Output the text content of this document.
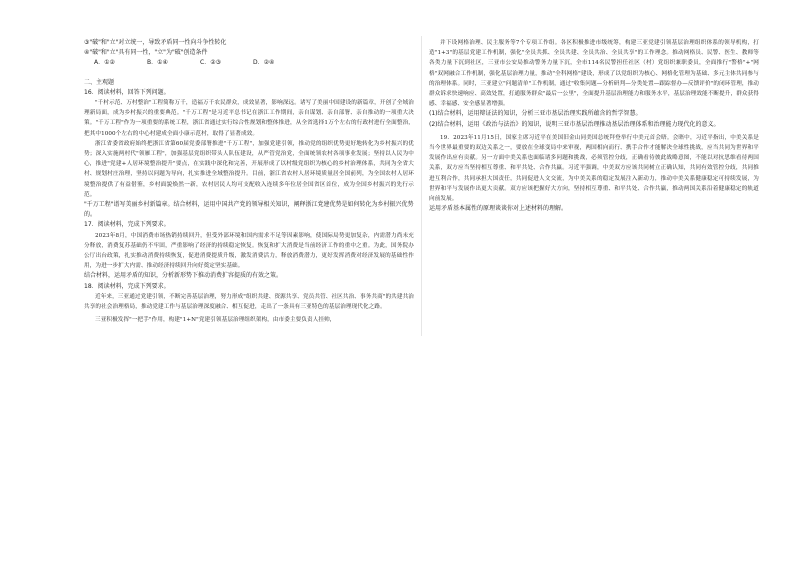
③"破"和"立"对立统一，导致矛盾同一性向斗争性转化

④"破"和"立"具有同一性，"立"为"破"创造条件

A．①②	B．①④	C．②③	D．②④

二、主观题

16．阅读材料，回答下列问题。

"千村示范、万村整治"工程简称万千，造福万千农民群众，成效显著，影响深远。诸写了美丽中国建设的新篇章，开创了全域治理新局面，成为乡村振兴的重要典范。"千万工程"是习近平总书记在浙江工作期间，亲自谋划、亲自部署、亲自推动的一项重大决策。"千万工程"作为一项重要的系统工程，浙江省通过实行综合性规划和整体推进，从全省选择1万个左右的行政村进行全面整治，把其中1000个左右的中心村建成全面小康示范村，取得了显著成效。

浙江省委省政府始终把浙江省第60届党委部署推进"千万工程"，加强党建引领，推动党的组织优势更好地转化为乡村振兴的优势；深入实施两村代"领雁工程"，加强基层党组织带头人队伍建设，从严管党治党，全面统领农村各项事业发展；坚持以人民为中心，推进"党建+人居环境整治提升"要点，在实践中深化和完善，开展形成了以村级党组织为核心的乡村治理体系，共同为全省大村、规划村庄治理，坚持以问题为导向，扎实推进全域整治提升。目前，浙江省农村人居环境质量居全国前列，为全国农村人居环境整治提供了有益借鉴，乡村面貌焕然一新，农村居民人均可支配收入连续多年位居全国省区首位，成为全国乡村振兴的先行示范。

"千万工程"谱写美丽乡村新篇章。结合材料，运用中国共产党的领导相关知识，阐释浙江党建优势是如何转化为乡村振兴优势的。

17．阅读材料，完成下列要求。

2023年8月，中国消费市场热销持续回升，但受外部环境和国内需求不足等因素影响，使国际局势更加复杂，内需潜力尚未充分释放，消费复苏基础仍不牢固，严重影响了经济的持续稳定恢复。恢复和扩大消费是当前经济工作的重中之重。为此，国务院办公厅出台政策，扎实推动消费持续恢复，促进消费提质升级，激发消费活力，释放消费潜力，更好发挥消费对经济发展的基础性作用，为进一步扩大内需、推动经济持续回升向好奠定坚实基础。

结合材料，运用矛盾的知识，分析新形势下推动消费扩容提质的有效之策。

18．阅读材料，完成下列要求。

近年来，三亚通过党建引领，不断完善基层治理，努力形成"组织共建、资源共享、党员共管、社区共治、事务共商"的共建共治共享的社会治理格局，推动党建工作与基层治理深度融合、相互促进，走出了一条具有三亚特色的基层治理现代化之路。

三亚积极发挥"一把手"作用，构建"1+N"党建引领基层治理组织架构，由市委主要负责人挂帅，

并下设网格治理、民主服务等7个专项工作组。各区积极推进市级统筹，构建三亚党建引领基层治理组织体系的领导机构，打造"1+3"的基层党建工作机制，强化"全员共抓、全员共建、全员共治、全员共享"的工作理念。推动网格员、民警、医生、教师等各类力量下沉到社区，三亚市公安局推动警务力量下沉，全市114名民警担任社区（村）党组织兼职委员，全面推行"警格"+"网格"双网融合工作机制，强化基层治理力量，推动"全科网格"建设，形成了以党组织为核心、网格化管理为基础、多元主体共同参与的治理体系。同时，三亚建立"问题清单"工作机制，通过"收集问题—分析研判—分类处置—跟踪督办—反馈评价"的闭环管理，推动群众诉求快速响应、高效处置，打通服务群众"最后一公里"，全面提升基层治理能力和服务水平，基层治理效能不断提升，群众获得感、幸福感、安全感显著增强。

(1)结合材料，运用辩证法的知识，分析三亚市基层治理实践所蕴含的哲学智慧。

(2)结合材料，运用《政治与法治》的知识，说明三亚市基层治理推动基层治理体系和治理能力现代化的意义。

19．2023年11月15日，国家主席习近平在美国旧金山同美国总统拜登举行中美元首会晤。会晤中，习近平指出，中美关系是当今世界最重要的双边关系之一，要放在全球变局中来审视，两国相向而行、携手合作才能解决全球性挑战，应当共同为世界和平发展作出应有贡献。另一方面中美关系也面临诸多问题和挑战，必须管控分歧，正确看待彼此战略意图，不能以对抗思维看待两国关系，双方应当坚持相互尊重、和平共处、合作共赢。习近平强调，中美双方应该共同树立正确认知，共同有效管控分歧，共同推进互利合作，共同承担大国责任，共同促进人文交流，为中美关系的稳定发展注入新动力，推动中美关系健康稳定可持续发展，为世界和平与发展作出更大贡献。双方应该把握好大方向，坚持相互尊重、和平共处、合作共赢，推动两国关系沿着健康稳定的轨道向前发展。

运用矛盾基本属性的原理谈谈你对上述材料的理解。
